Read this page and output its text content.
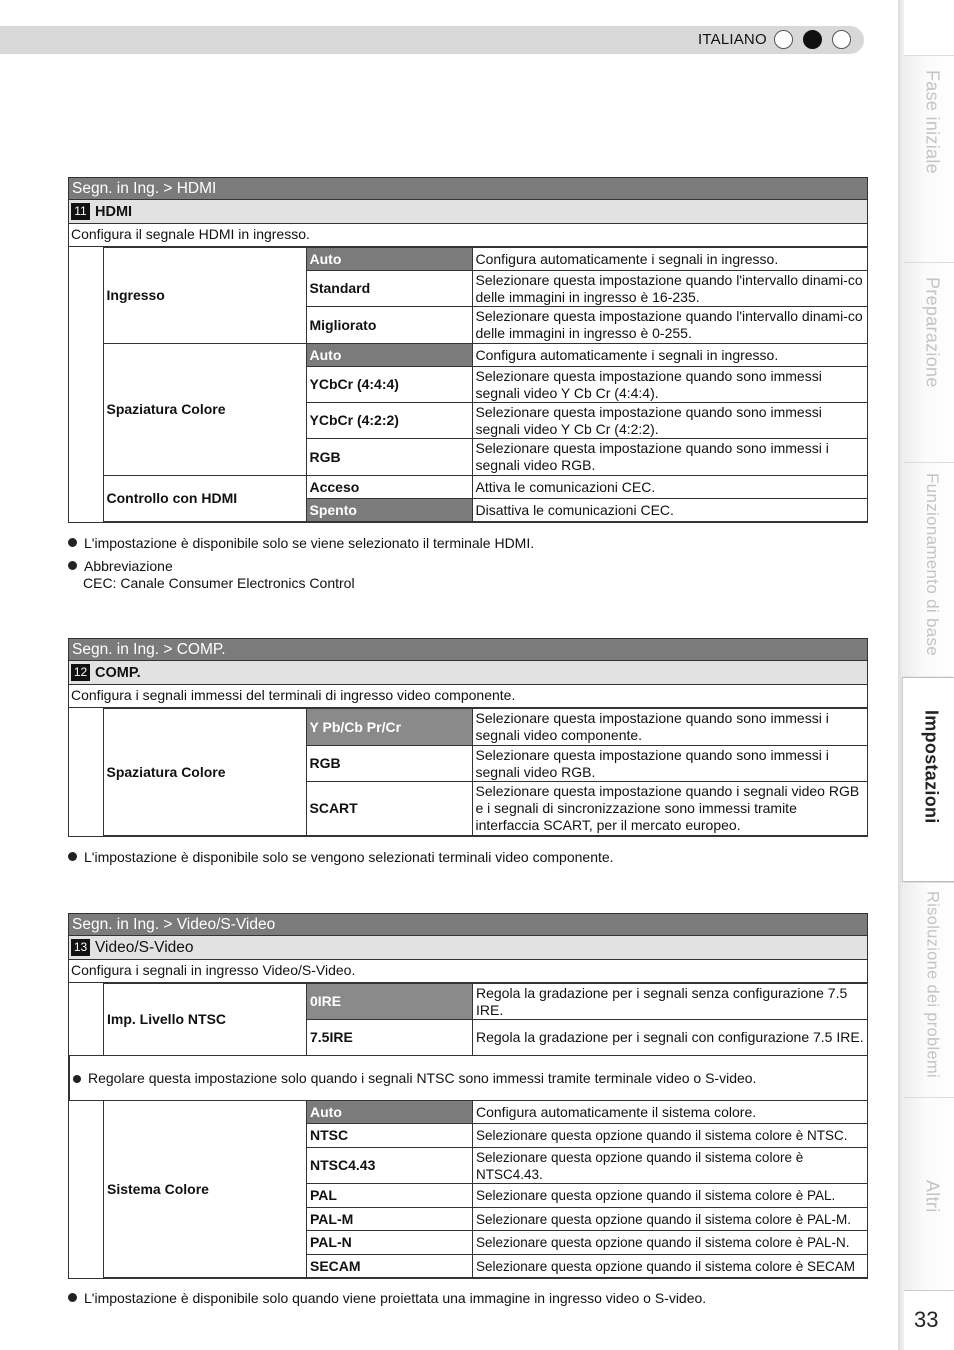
ITALIANO
Fase iniziale
Preparazione
Funzionamento di base
Impostazioni
Risoluzione dei problemi
Altri
33
Segn. in Ing. > HDMI
11 HDMI
Configura il segnale HDMI in ingresso.
	Ingresso	Auto	Configura automaticamente i segnali in ingresso.
		Standard	Selezionare questa impostazione quando l'intervallo dinami-co delle immagini in ingresso è 16-235.
		Migliorato	Selezionare questa impostazione quando l'intervallo dinami-co delle immagini in ingresso è 0-255.
	Spaziatura Colore	Auto	Configura automaticamente i segnali in ingresso.
		YCbCr (4:4:4)	Selezionare questa impostazione quando sono immessi segnali video Y Cb Cr (4:4:4).
		YCbCr (4:2:2)	Selezionare questa impostazione quando sono immessi segnali video Y Cb Cr (4:2:2).
		RGB	Selezionare questa impostazione quando sono immessi i segnali video RGB.
	Controllo con HDMI	Acceso	Attiva le comunicazioni CEC.
		Spento	Disattiva le comunicazioni CEC.
L'impostazione è disponibile solo se viene selezionato il terminale HDMI.
Abbreviazione
CEC: Canale Consumer Electronics Control
Segn. in Ing. > COMP.
12 COMP.
Configura i segnali immessi del terminali di ingresso video componente.
	Spaziatura Colore	Y Pb/Cb Pr/Cr	Selezionare questa impostazione quando sono immessi i segnali video componente.
		RGB	Selezionare questa impostazione quando sono immessi i segnali video RGB.
		SCART	Selezionare questa impostazione quando i segnali video RGB e i segnali di sincronizzazione sono immessi tramite interfaccia SCART, per il mercato europeo.
L'impostazione è disponibile solo se vengono selezionati terminali video componente.
Segn. in Ing. > Video/S-Video
13 Video/S-Video
Configura i segnali in ingresso Video/S-Video.
	Imp. Livello NTSC	0IRE	Regola la gradazione per i segnali senza configurazione 7.5 IRE.
		7.5IRE	Regola la gradazione per i segnali con configurazione 7.5 IRE.
Regolare questa impostazione solo quando i segnali NTSC sono immessi tramite terminale video o S-video.			
	Sistema Colore	Auto	Configura automaticamente il sistema colore.
		NTSC	Selezionare questa opzione quando il sistema colore è NTSC.
		NTSC4.43	Selezionare questa opzione quando il sistema colore è NTSC4.43.
		PAL	Selezionare questa opzione quando il sistema colore è PAL.
		PAL-M	Selezionare questa opzione quando il sistema colore è PAL-M.
		PAL-N	Selezionare questa opzione quando il sistema colore è PAL-N.
		SECAM	Selezionare questa opzione quando il sistema colore è SECAM
L'impostazione è disponibile solo quando viene proiettata una immagine in ingresso video o S-video.
